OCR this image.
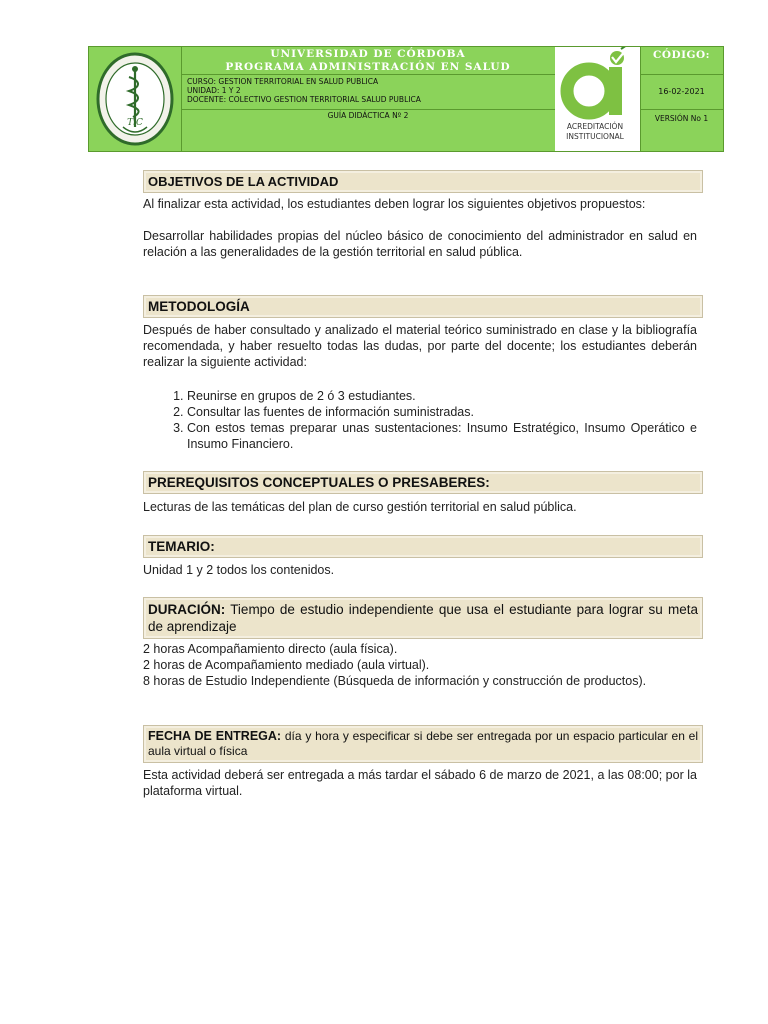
TiC
UNIVERSIDAD DE CÓRDOBA
PROGRAMA ADMINISTRACIÓN EN SALUD
CURSO: GESTION TERRITORIAL EN SALUD PUBLICA
UNIDAD: 1 Y 2
DOCENTE: COLECTIVO GESTION TERRITORIAL SALUD PUBLICA
GUÍA DIDÁCTICA Nº 2
ACREDITACIÓN
INSTITUCIONAL
CÓDIGO:
16-02-2021
VERSIÓN No 1
OBJETIVOS DE LA ACTIVIDAD

Al finalizar esta actividad, los estudiantes deben lograr los siguientes objetivos propuestos:

Desarrollar habilidades propias del núcleo básico de conocimiento del administrador en salud en relación a las generalidades de la gestión territorial en salud pública.

METODOLOGÍA
Después de haber consultado y analizado el material teórico suministrado en clase y la bibliografía recomendada, y haber resuelto todas las dudas, por parte del docente; los estudiantes deberán realizar la siguiente actividad:
1. Reunirse en grupos de 2 ó 3 estudiantes.
2. Consultar las fuentes de información suministradas.
3. Con estos temas preparar unas sustentaciones: Insumo Estratégico, Insumo Operático e Insumo Financiero.
PREREQUISITOS CONCEPTUALES O PRESABERES:
Lecturas de las temáticas del plan de curso gestión territorial en salud pública.
TEMARIO:
Unidad 1 y 2 todos los contenidos.
DURACIÓN: Tiempo de estudio independiente que usa el estudiante para lograr su meta de aprendizaje

2 horas Acompañamiento directo (aula física).

2 horas de Acompañamiento mediado (aula virtual).

8 horas de Estudio Independiente (Búsqueda de información y construcción de productos).

FECHA DE ENTREGA: día y hora y especificar si debe ser entregada por un espacio particular en el aula virtual o física
Esta actividad deberá ser entregada a más tardar el sábado 6 de marzo de 2021, a las 08:00; por la plataforma virtual.
